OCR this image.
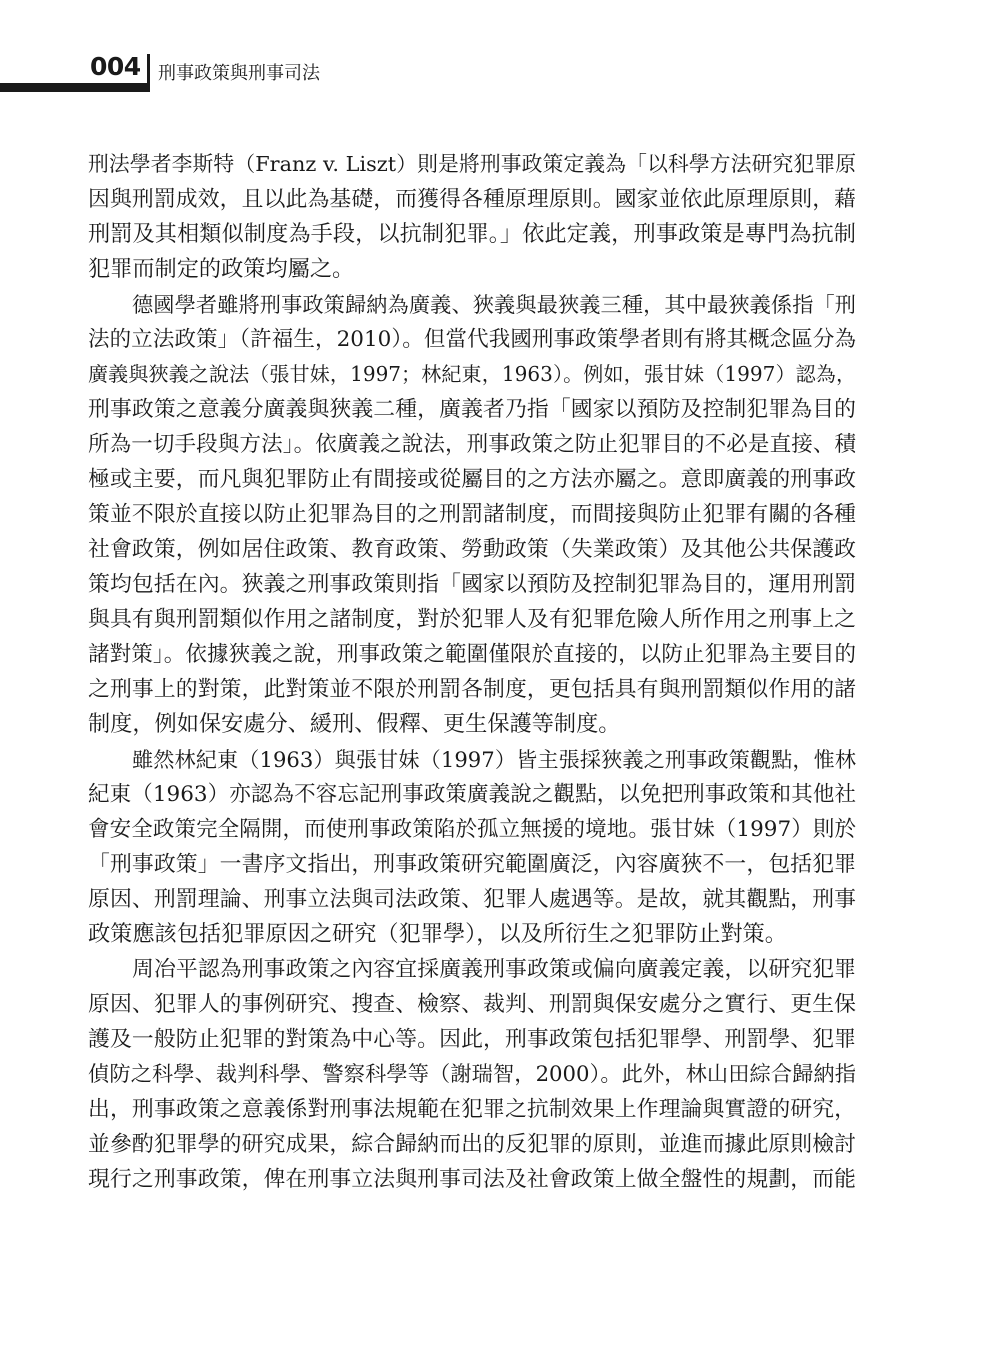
004 刑事政策與刑事司法
刑法學者李斯特（Franz v. Liszt）則是將刑事政策定義為「以科學方法研究犯罪原
因與刑罰成效，且以此為基礎，而獲得各種原理原則。國家並依此原理原則，藉
刑罰及其相類似制度為手段，以抗制犯罪。」依此定義，刑事政策是專門為抗制
犯罪而制定的政策均屬之。
德國學者雖將刑事政策歸納為廣義、狹義與最狹義三種，其中最狹義係指「刑
法的立法政策」（許福生，2010）。但當代我國刑事政策學者則有將其概念區分為
廣義與狹義之說法（張甘妹，1997；林紀東，1963）。例如，張甘妹（1997）認為，
刑事政策之意義分廣義與狹義二種，廣義者乃指「國家以預防及控制犯罪為目的
所為一切手段與方法」。依廣義之說法，刑事政策之防止犯罪目的不必是直接、積
極或主要，而凡與犯罪防止有間接或從屬目的之方法亦屬之。意即廣義的刑事政
策並不限於直接以防止犯罪為目的之刑罰諸制度，而間接與防止犯罪有關的各種
社會政策，例如居住政策、教育政策、勞動政策（失業政策）及其他公共保護政
策均包括在內。狹義之刑事政策則指「國家以預防及控制犯罪為目的，運用刑罰
與具有與刑罰類似作用之諸制度，對於犯罪人及有犯罪危險人所作用之刑事上之
諸對策」。依據狹義之說，刑事政策之範圍僅限於直接的，以防止犯罪為主要目的
之刑事上的對策，此對策並不限於刑罰各制度，更包括具有與刑罰類似作用的諸
制度，例如保安處分、緩刑、假釋、更生保護等制度。
雖然林紀東（1963）與張甘妹（1997）皆主張採狹義之刑事政策觀點，惟林
紀東（1963）亦認為不容忘記刑事政策廣義說之觀點，以免把刑事政策和其他社
會安全政策完全隔開，而使刑事政策陷於孤立無援的境地。張甘妹（1997）則於
「刑事政策」一書序文指出，刑事政策研究範圍廣泛，內容廣狹不一，包括犯罪
原因、刑罰理論、刑事立法與司法政策、犯罪人處遇等。是故，就其觀點，刑事
政策應該包括犯罪原因之研究（犯罪學），以及所衍生之犯罪防止對策。
周冶平認為刑事政策之內容宜採廣義刑事政策或偏向廣義定義，以研究犯罪
原因、犯罪人的事例研究、搜查、檢察、裁判、刑罰與保安處分之實行、更生保
護及一般防止犯罪的對策為中心等。因此，刑事政策包括犯罪學、刑罰學、犯罪
偵防之科學、裁判科學、警察科學等（謝瑞智，2000）。此外，林山田綜合歸納指
出，刑事政策之意義係對刑事法規範在犯罪之抗制效果上作理論與實證的研究，
並參酌犯罪學的研究成果，綜合歸納而出的反犯罪的原則，並進而據此原則檢討
現行之刑事政策，俾在刑事立法與刑事司法及社會政策上做全盤性的規劃，而能
